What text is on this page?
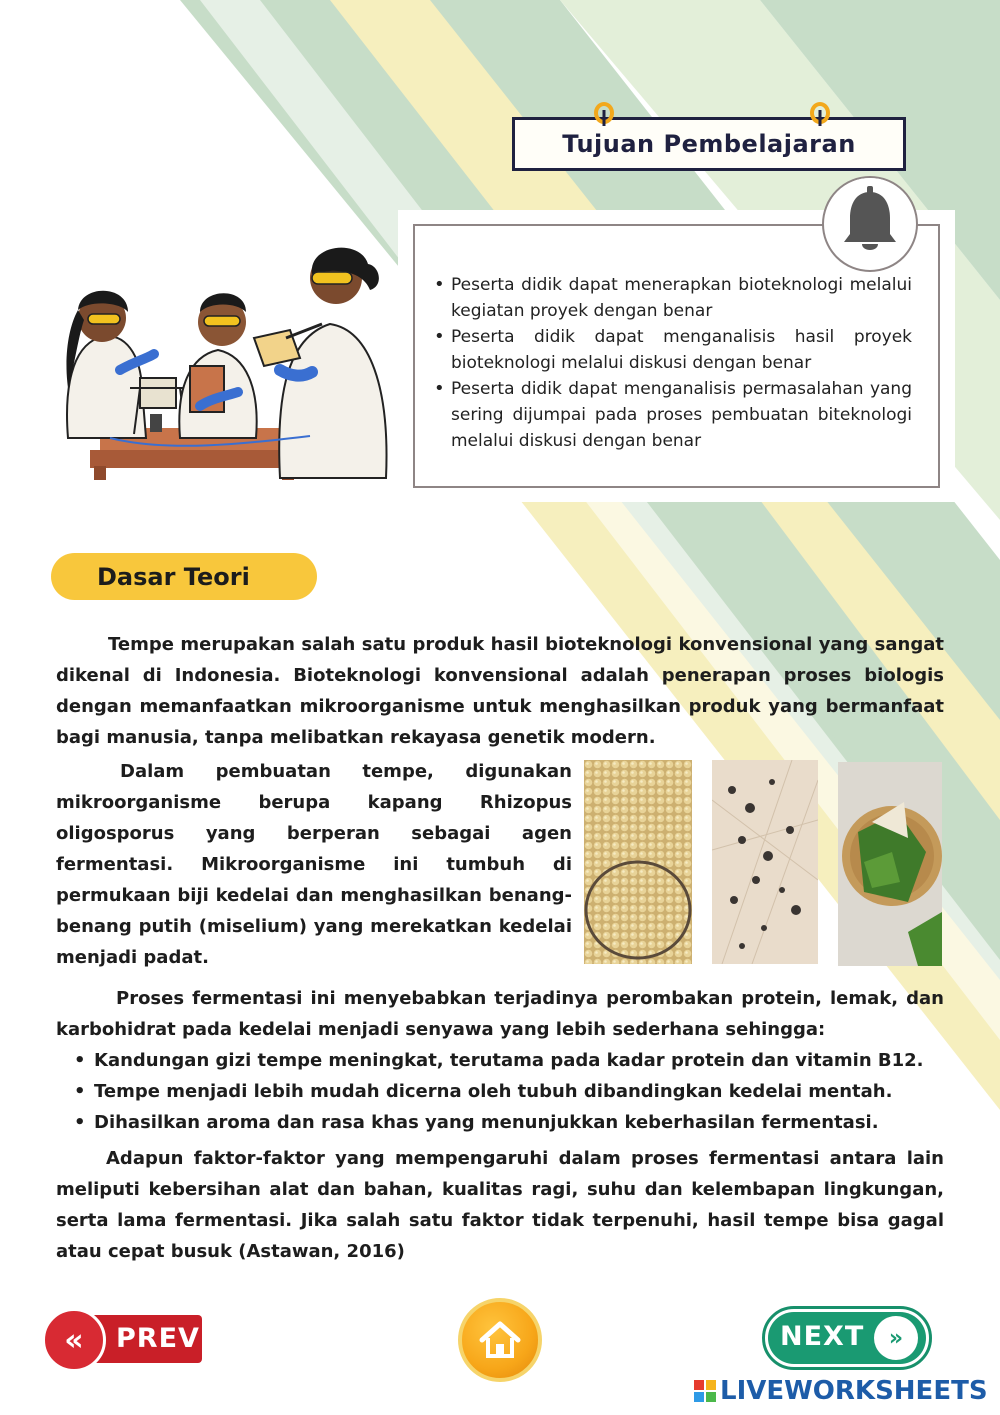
Tujuan Pembelajaran
• Peserta didik dapat menerapkan bioteknologi melalui kegiatan proyek dengan benar
• Peserta didik dapat menganalisis hasil proyek bioteknologi melalui diskusi dengan benar
• Peserta didik dapat menganalisis permasalahan yang sering dijumpai pada proses pembuatan biteknologi melalui diskusi dengan benar
Dasar Teori

Tempe merupakan salah satu produk hasil bioteknologi konvensional yang sangat dikenal di Indonesia. Bioteknologi konvensional adalah penerapan proses biologis dengan memanfaatkan mikroorganisme untuk menghasilkan produk yang bermanfaat bagi manusia, tanpa melibatkan rekayasa genetik modern.

Dalam pembuatan tempe, digunakan mikroorganisme berupa kapang Rhizopus oligosporus yang berperan sebagai agen fermentasi. Mikroorganisme ini tumbuh di permukaan biji kedelai dan menghasilkan benang-benang putih (miselium) yang merekatkan kedelai menjadi padat.

Proses fermentasi ini menyebabkan terjadinya perombakan protein, lemak, dan karbohidrat pada kedelai menjadi senyawa yang lebih sederhana sehingga:

• Kandungan gizi tempe meningkat, terutama pada kadar protein dan vitamin B12.
• Tempe menjadi lebih mudah dicerna oleh tubuh dibandingkan kedelai mentah.
• Dihasilkan aroma dan rasa khas yang menunjukkan keberhasilan fermentasi.

Adapun faktor-faktor yang mempengaruhi dalam proses fermentasi antara lain meliputi kebersihan alat dan bahan, kualitas ragi, suhu dan kelembapan lingkungan, serta lama fermentasi. Jika salah satu faktor tidak terpenuhi, hasil tempe bisa gagal atau cepat busuk (Astawan, 2016)

«	PREV	NEXT	»
LIVEWORKSHEETS
